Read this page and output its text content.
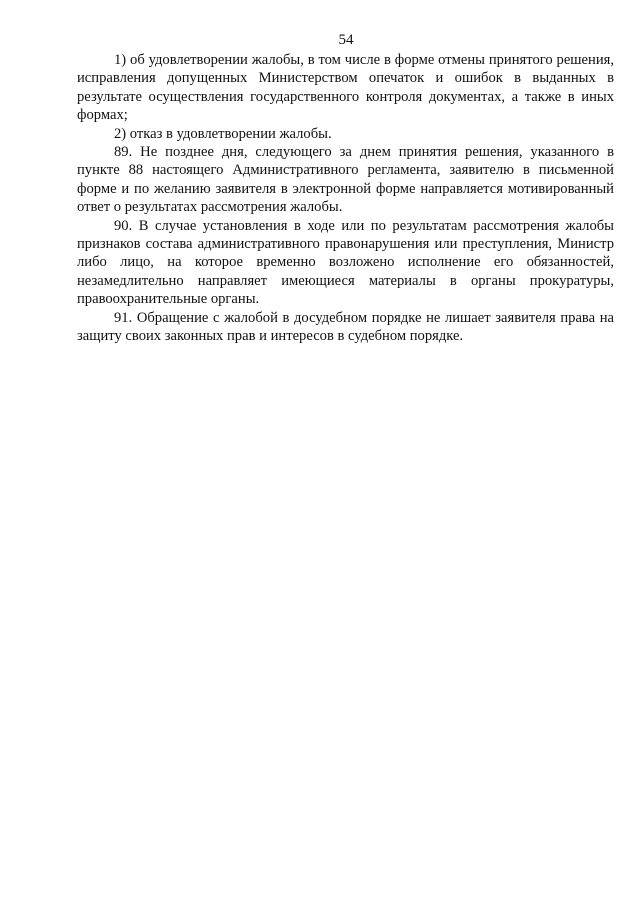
54

1) об удовлетворении жалобы, в том числе в форме отмены принятого решения, исправления допущенных Министерством опечаток и ошибок в выданных в результате осуществления государственного контроля документах, а также в иных формах;

2) отказ в удовлетворении жалобы.

89. Не позднее дня, следующего за днем принятия решения, указанного в пункте 88 настоящего Административного регламента, заявителю в письменной форме и по желанию заявителя в электронной форме направляется мотивированный ответ о результатах рассмотрения жалобы.

90. В случае установления в ходе или по результатам рассмотрения жалобы признаков состава административного правонарушения или преступления, Министр либо лицо, на которое временно возложено исполнение его обязанностей, незамедлительно направляет имеющиеся материалы в органы прокуратуры, правоохранительные органы.

91. Обращение с жалобой в досудебном порядке не лишает заявителя права на защиту своих законных прав и интересов в судебном порядке.
